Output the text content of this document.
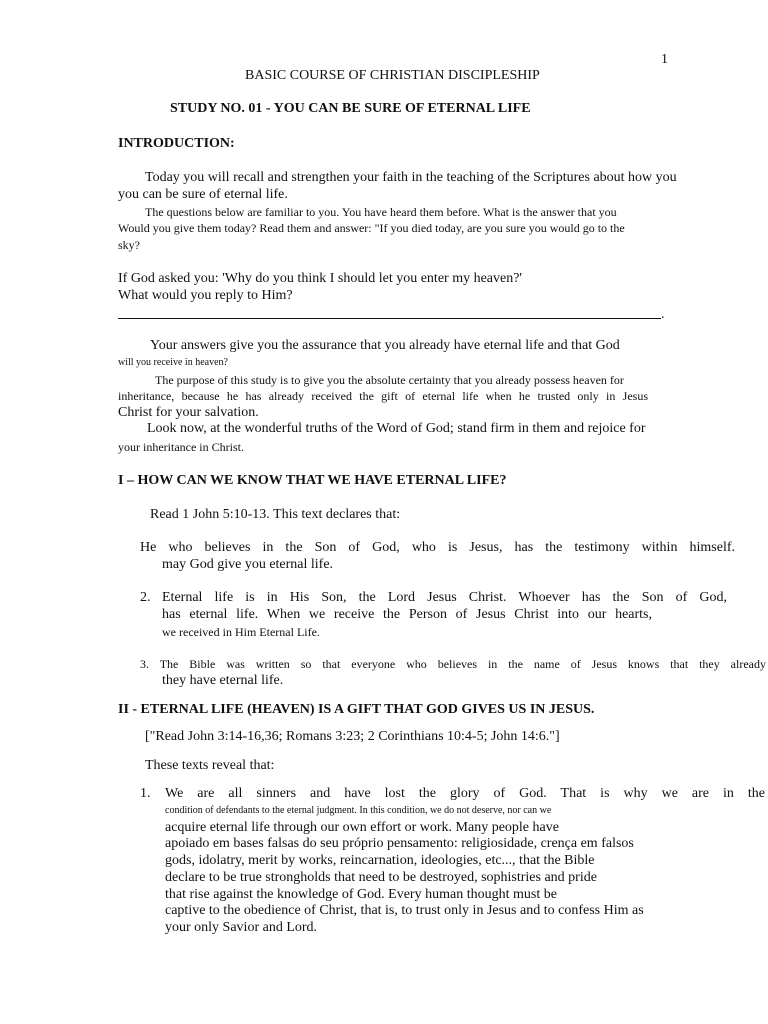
1
BASIC COURSE OF CHRISTIAN DISCIPLESHIP
STUDY NO. 01 - YOU CAN BE SURE OF ETERNAL LIFE
INTRODUCTION:
Today you will recall and strengthen your faith in the teaching of the Scriptures about how you
you can be sure of eternal life.
The questions below are familiar to you. You have heard them before. What is the answer that you
Would you give them today? Read them and answer: "If you died today, are you sure you would go to the
sky?
If God asked you: 'Why do you think I should let you enter my heaven?'
What would you reply to Him?
.
Your answers give you the assurance that you already have eternal life and that God
will you receive in heaven?
The purpose of this study is to give you the absolute certainty that you already possess heaven for
inheritance, because he has already received the gift of eternal life when he trusted only in Jesus
Christ for your salvation.
Look now, at the wonderful truths of the Word of God; stand firm in them and rejoice for
your inheritance in Christ.
I – HOW CAN WE KNOW THAT WE HAVE ETERNAL LIFE?
Read 1 John 5:10-13. This text declares that:
He who believes in the Son of God, who is Jesus, has the testimony within himself.
may God give you eternal life.
2. Eternal life is in His Son, the Lord Jesus Christ. Whoever has the Son of God,
has eternal life. When we receive the Person of Jesus Christ into our hearts,
we received in Him Eternal Life.
3. The Bible was written so that everyone who believes in the name of Jesus knows that they already
they have eternal life.
II - ETERNAL LIFE (HEAVEN) IS A GIFT THAT GOD GIVES US IN JESUS.
["Read John 3:14-16,36; Romans 3:23; 2 Corinthians 10:4-5; John 14:6."]
These texts reveal that:
1. We are all sinners and have lost the glory of God. That is why we are in the
condition of defendants to the eternal judgment. In this condition, we do not deserve, nor can we
acquire eternal life through our own effort or work. Many people have
apoiado em bases falsas do seu próprio pensamento: religiosidade, crença em falsos
gods, idolatry, merit by works, reincarnation, ideologies, etc..., that the Bible
declare to be true strongholds that need to be destroyed, sophistries and pride
that rise against the knowledge of God. Every human thought must be
captive to the obedience of Christ, that is, to trust only in Jesus and to confess Him as
your only Savior and Lord.
